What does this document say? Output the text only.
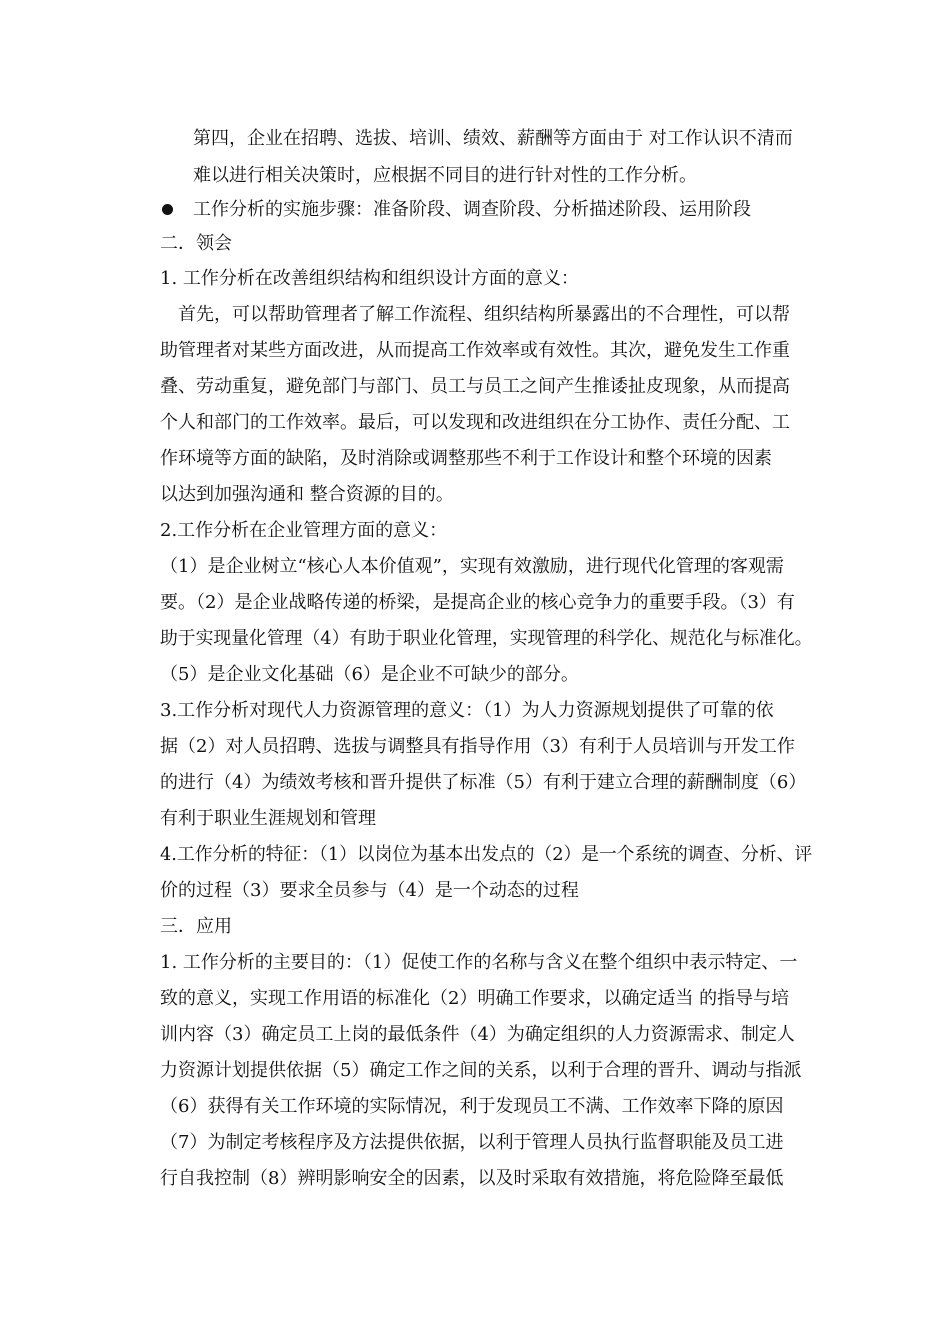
第四，企业在招聘、选拔、培训、绩效、薪酬等方面由于 对工作认识不清而
难以进行相关决策时，应根据不同目的进行针对性的工作分析。
工作分析的实施步骤：准备阶段、调查阶段、分析描述阶段、运用阶段
二．领会
1. 工作分析在改善组织结构和组织设计方面的意义：
首先，可以帮助管理者了解工作流程、组织结构所暴露出的不合理性，可以帮
助管理者对某些方面改进，从而提高工作效率或有效性。其次，避免发生工作重
叠、劳动重复，避免部门与部门、员工与员工之间产生推诿扯皮现象，从而提高
个人和部门的工作效率。最后，可以发现和改进组织在分工协作、责任分配、工
作环境等方面的缺陷，及时消除或调整那些不利于工作设计和整个环境的因素
以达到加强沟通和 整合资源的目的。
2.工作分析在企业管理方面的意义：
（1）是企业树立“核心人本价值观”，实现有效激励，进行现代化管理的客观需
要。（2）是企业战略传递的桥梁，是提高企业的核心竞争力的重要手段。（3）有
助于实现量化管理（4）有助于职业化管理，实现管理的科学化、规范化与标准化。
（5）是企业文化基础（6）是企业不可缺少的部分。
3.工作分析对现代人力资源管理的意义：（1）为人力资源规划提供了可靠的依
据（2）对人员招聘、选拔与调整具有指导作用（3）有利于人员培训与开发工作
的进行（4）为绩效考核和晋升提供了标准（5）有利于建立合理的薪酬制度（6）
有利于职业生涯规划和管理
4.工作分析的特征：（1）以岗位为基本出发点的（2）是一个系统的调查、分析、评
价的过程（3）要求全员参与（4）是一个动态的过程
三．应用
1. 工作分析的主要目的：（1）促使工作的名称与含义在整个组织中表示特定、一
致的意义，实现工作用语的标准化（2）明确工作要求，以确定适当 的指导与培
训内容（3）确定员工上岗的最低条件（4）为确定组织的人力资源需求、制定人
力资源计划提供依据（5）确定工作之间的关系，以利于合理的晋升、调动与指派
（6）获得有关工作环境的实际情况，利于发现员工不满、工作效率下降的原因
（7）为制定考核程序及方法提供依据，以利于管理人员执行监督职能及员工进
行自我控制（8）辨明影响安全的因素，以及时采取有效措施，将危险降至最低
